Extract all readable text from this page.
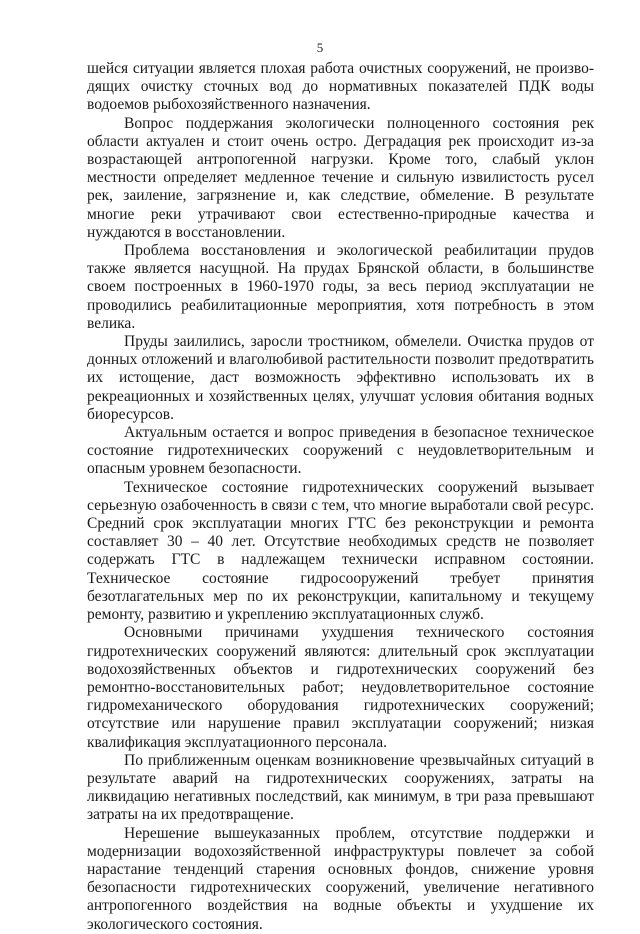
5

шейся ситуации является плохая работа очистных сооружений, не произво-дящих очистку сточных вод до нормативных показателей ПДК воды водоемов рыбохозяйственного назначения.

Вопрос поддержания экологически полноценного состояния рек области актуален и стоит очень остро. Деградация рек происходит из-за возрастающей антропогенной нагрузки. Кроме того, слабый уклон местности определяет медленное течение и сильную извилистость русел рек, заиление, загрязнение и, как следствие, обмеление. В результате многие реки утрачивают свои естественно-природные качества и нуждаются в восстановлении.

Проблема восстановления и экологической реабилитации прудов также является насущной. На прудах Брянской области, в большинстве своем построенных в 1960-1970 годы, за весь период эксплуатации не проводились реабилитационные мероприятия, хотя потребность в этом велика.

Пруды заилились, заросли тростником, обмелели. Очистка прудов от донных отложений и влаголюбивой растительности позволит предотвратить их истощение, даст возможность эффективно использовать их в рекреационных и хозяйственных целях, улучшат условия обитания водных биоресурсов.

Актуальным остается и вопрос приведения в безопасное техническое состояние гидротехнических сооружений с неудовлетворительным и опасным уровнем безопасности.

Техническое состояние гидротехнических сооружений вызывает серьезную озабоченность в связи с тем, что многие выработали свой ресурс. Средний срок эксплуатации многих ГТС без реконструкции и ремонта составляет 30 – 40 лет. Отсутствие необходимых средств не позволяет содержать ГТС в надлежащем технически исправном состоянии. Техническое состояние гидросооружений требует принятия безотлагательных мер по их реконструкции, капитальному и текущему ремонту, развитию и укреплению эксплуатационных служб.

Основными причинами ухудшения технического состояния гидротехнических сооружений являются: длительный срок эксплуатации водохозяйственных объектов и гидротехнических сооружений без ремонтно-восстановительных работ; неудовлетворительное состояние гидромеханического оборудования гидротехнических сооружений; отсутствие или нарушение правил эксплуатации сооружений; низкая квалификация эксплуатационного персонала.

По приближенным оценкам возникновение чрезвычайных ситуаций в результате аварий на гидротехнических сооружениях, затраты на ликвидацию негативных последствий, как минимум, в три раза превышают затраты на их предотвращение.

Нерешение вышеуказанных проблем, отсутствие поддержки и модернизации водохозяйственной инфраструктуры повлечет за собой нарастание тенденций старения основных фондов, снижение уровня безопасности гидротехнических сооружений, увеличение негативного антропогенного воздействия на водные объекты и ухудшение их экологического состояния.
